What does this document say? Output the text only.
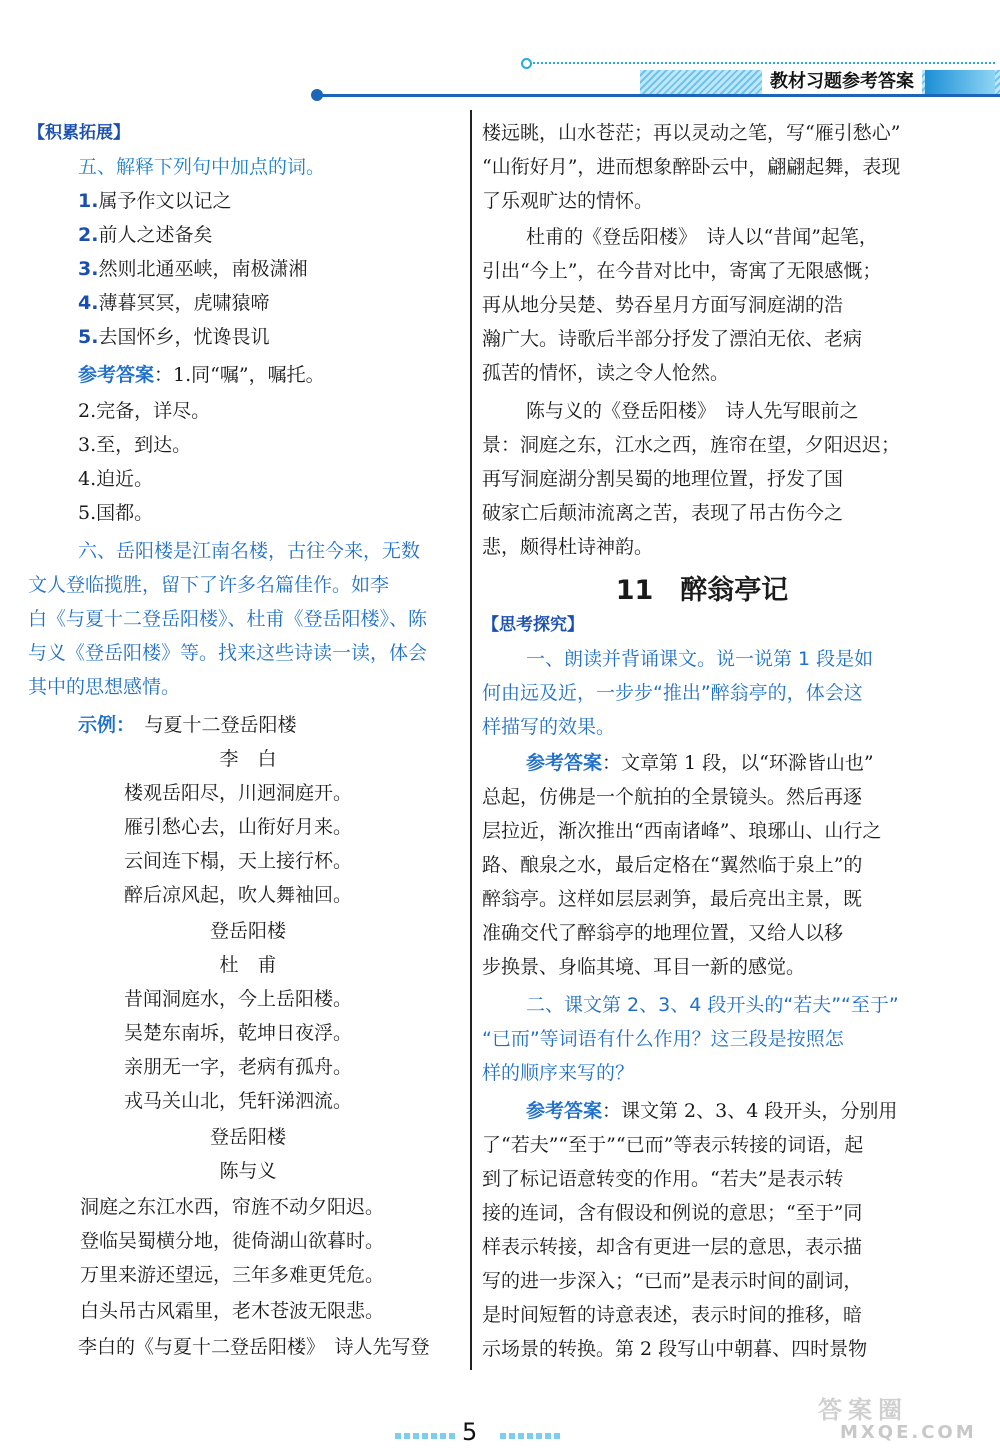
教材习题参考答案
【积累拓展】
五、解释下列句中加点的词。
1.属予作文以记之
2.前人之述备矣
3.然则北通巫峡，南极潇湘
4.薄暮冥冥，虎啸猿啼
5.去国怀乡，忧谗畏讥
参考答案：1.同“嘱”，嘱托。
2.完备，详尽。
3.至，到达。
4.迫近。
5.国都。
六、岳阳楼是江南名楼，古往今来，无数
文人登临揽胜，留下了许多名篇佳作。如李
白《与夏十二登岳阳楼》、杜甫《登岳阳楼》、陈
与义《登岳阳楼》等。找来这些诗读一读，体会
其中的思想感情。
示例：　 与夏十二登岳阳楼
李　白
楼观岳阳尽，川迥洞庭开。
雁引愁心去，山衔好月来。
云间连下榻，天上接行杯。
醉后凉风起，吹人舞袖回。
登岳阳楼
杜　甫
昔闻洞庭水，今上岳阳楼。
吴楚东南坼，乾坤日夜浮。
亲朋无一字，老病有孤舟。
戎马关山北，凭轩涕泗流。
登岳阳楼
陈与义
洞庭之东江水西，帘旌不动夕阳迟。
登临吴蜀横分地，徙倚湖山欲暮时。
万里来游还望远，三年多难更凭危。
白头吊古风霜里，老木苍波无限悲。
李白的《与夏十二登岳阳楼》　诗人先写登
楼远眺，山水苍茫；再以灵动之笔，写“雁引愁心”
“山衔好月”，进而想象醉卧云中，翩翩起舞，表现
了乐观旷达的情怀。
杜甫的《登岳阳楼》　诗人以“昔闻”起笔，
引出“今上”，在今昔对比中，寄寓了无限感慨；
再从地分吴楚、势吞星月方面写洞庭湖的浩
瀚广大。诗歌后半部分抒发了漂泊无依、老病
孤苦的情怀，读之令人怆然。
陈与义的《登岳阳楼》　诗人先写眼前之
景：洞庭之东，江水之西，旌帘在望，夕阳迟迟；
再写洞庭湖分割吴蜀的地理位置，抒发了国
破家亡后颠沛流离之苦，表现了吊古伤今之
悲，颇得杜诗神韵。
11　醉翁亭记
【思考探究】
一、朗读并背诵课文。说一说第 1 段是如
何由远及近，一步步“推出”醉翁亭的，体会这
样描写的效果。
参考答案：文章第 1 段，以“环滁皆山也”
总起，仿佛是一个航拍的全景镜头。然后再逐
层拉近，渐次推出“西南诸峰”、琅琊山、山行之
路、酿泉之水，最后定格在“翼然临于泉上”的
醉翁亭。这样如层层剥笋，最后亮出主景，既
准确交代了醉翁亭的地理位置，又给人以移
步换景、身临其境、耳目一新的感觉。
二、课文第 2、3、4 段开头的“若夫”“至于”
“已而”等词语有什么作用？这三段是按照怎
样的顺序来写的？
参考答案：课文第 2、3、4 段开头，分别用
了“若夫”“至于”“已而”等表示转接的词语，起
到了标记语意转变的作用。“若夫”是表示转
接的连词，含有假设和例说的意思；“至于”同
样表示转接，却含有更进一层的意思，表示描
写的进一步深入；“已而”是表示时间的副词，
是时间短暂的诗意表述，表示时间的推移，暗
示场景的转换。第 2 段写山中朝暮、四时景物
5
答案圈
MXQE.COM
